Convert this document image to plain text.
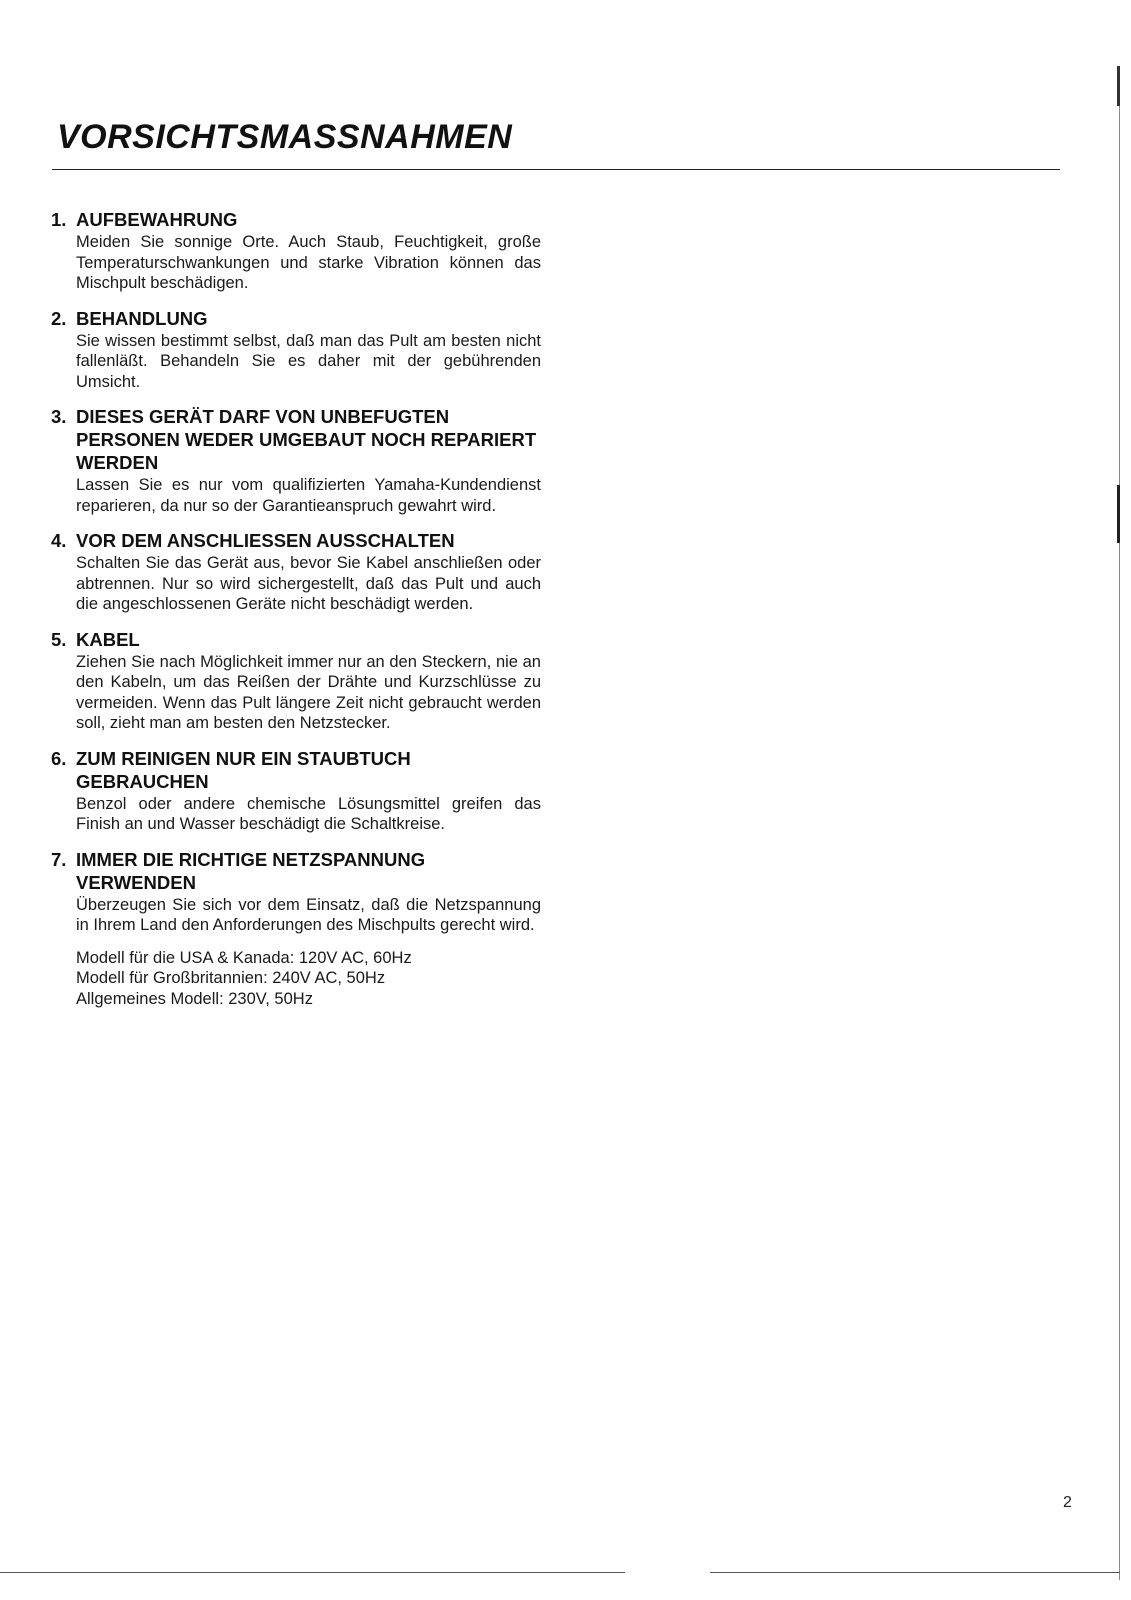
VORSICHTSMASSNAHMEN
1. AUFBEWAHRUNG

Meiden Sie sonnige Orte. Auch Staub, Feuchtigkeit, große Temperaturschwankungen und starke Vibration können das Mischpult beschädigen.

2. BEHANDLUNG

Sie wissen bestimmt selbst, daß man das Pult am besten nicht fallenläßt. Behandeln Sie es daher mit der gebührenden Umsicht.

3. DIESES GERÄT DARF VON UNBEFUGTEN PERSONEN WEDER UMGEBAUT NOCH REPARIERT WERDEN

Lassen Sie es nur vom qualifizierten Yamaha-Kundendienst reparieren, da nur so der Garantieanspruch gewahrt wird.

4. VOR DEM ANSCHLIESSEN AUSSCHALTEN

Schalten Sie das Gerät aus, bevor Sie Kabel anschließen oder abtrennen. Nur so wird sichergestellt, daß das Pult und auch die angeschlossenen Geräte nicht beschädigt werden.

5. KABEL

Ziehen Sie nach Möglichkeit immer nur an den Steckern, nie an den Kabeln, um das Reißen der Drähte und Kurzschlüsse zu vermeiden. Wenn das Pult längere Zeit nicht gebraucht werden soll, zieht man am besten den Netzstecker.

6. ZUM REINIGEN NUR EIN STAUBTUCH GEBRAUCHEN

Benzol oder andere chemische Lösungsmittel greifen das Finish an und Wasser beschädigt die Schaltkreise.

7. IMMER DIE RICHTIGE NETZSPANNUNG VERWENDEN

Überzeugen Sie sich vor dem Einsatz, daß die Netzspannung in Ihrem Land den Anforderungen des Mischpults gerecht wird.

Modell für die USA & Kanada: 120V AC, 60Hz
Modell für Großbritannien: 240V AC, 50Hz
Allgemeines Modell: 230V, 50Hz
2
